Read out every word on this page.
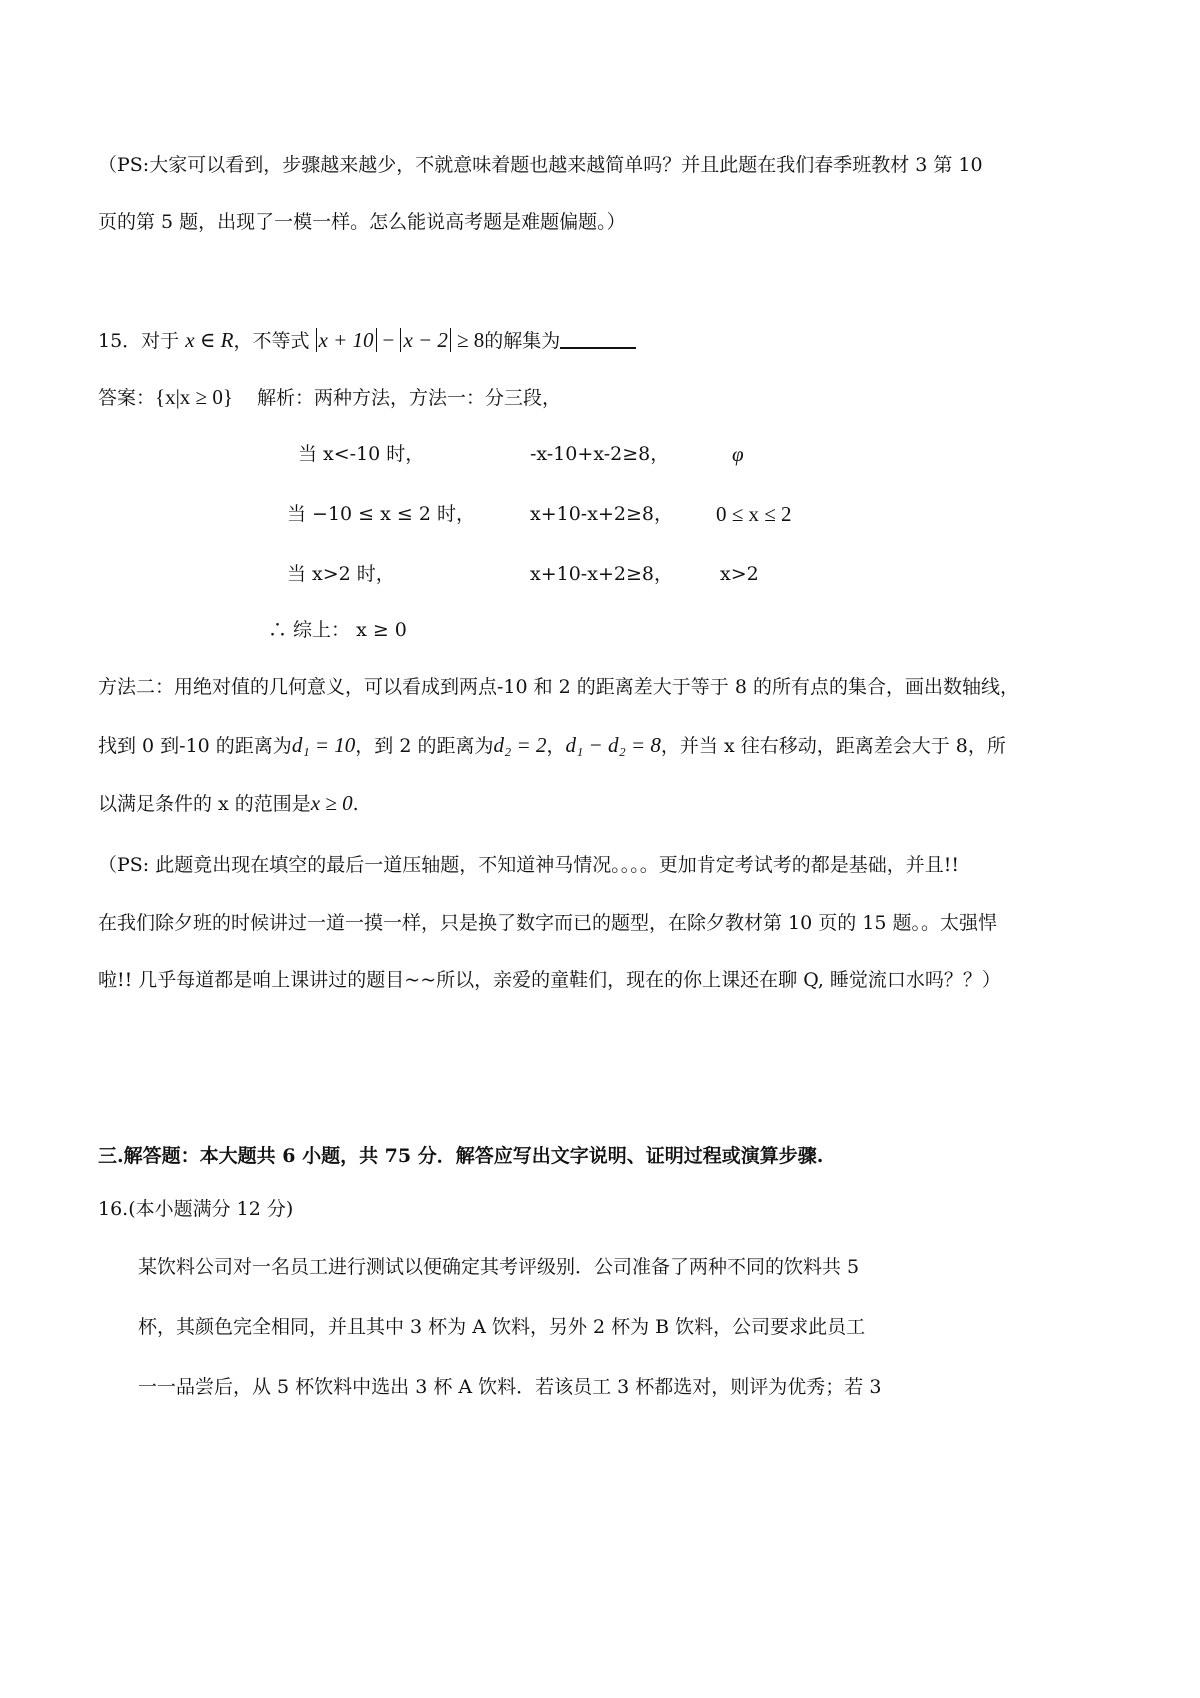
（PS:大家可以看到，步骤越来越少，不就意味着题也越来越简单吗？并且此题在我们春季班教材 3 第 10
页的第 5 题，出现了一模一样。怎么能说高考题是难题偏题。）
15．对于 x ∈ R，不等式 x + 10 − x − 2 ≥ 8的解集为
答案：{x|x ≥ 0} 解析：两种方法，方法一：分三段，
当 x<-10 时，	-x-10+x-2≥8，	φ
当 −10 ≤ x ≤ 2 时，	x+10-x+2≥8， 0 ≤ x ≤ 2
当 x>2 时，	x+10-x+2≥8， x>2
∴ 综上： x ≥ 0
方法二：用绝对值的几何意义，可以看成到两点-10 和 2 的距离差大于等于 8 的所有点的集合，画出数轴线，
找到 0 到-10 的距离为d₁ = 10，到 2 的距离为d₂ = 2，d₁ − d₂ = 8，并当 x 往右移动，距离差会大于 8，所
以满足条件的 x 的范围是x ≥ 0.
（PS: 此题竟出现在填空的最后一道压轴题，不知道神马情况。。。。更加肯定考试考的都是基础，并且!!
在我们除夕班的时候讲过一道一摸一样，只是换了数字而已的题型，在除夕教材第 10 页的 15 题。。太强悍
啦!! 几乎每道都是咱上课讲过的题目~~所以，亲爱的童鞋们，现在的你上课还在聊 Q, 睡觉流口水吗？？）
三.解答题：本大题共 6 小题，共 75 分．解答应写出文字说明、证明过程或演算步骤.
16.(本小题满分 12 分)
某饮料公司对一名员工进行测试以便确定其考评级别．公司准备了两种不同的饮料共 5
杯，其颜色完全相同，并且其中 3 杯为 A 饮料，另外 2 杯为 B 饮料，公司要求此员工
一一品尝后，从 5 杯饮料中选出 3 杯 A 饮料．若该员工 3 杯都选对，则评为优秀；若 3
